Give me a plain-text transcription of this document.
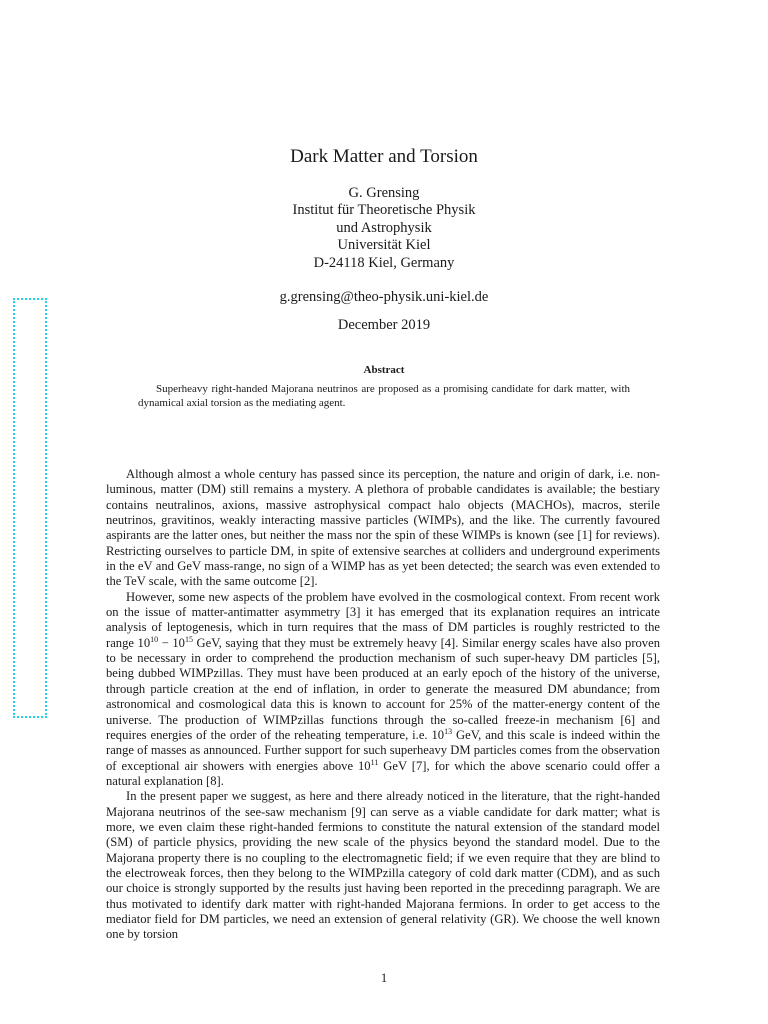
Dark Matter and Torsion
G. Grensing
Institut für Theoretische Physik
und Astrophysik
Universität Kiel
D-24118 Kiel, Germany
g.grensing@theo-physik.uni-kiel.de
December 2019
Abstract
Superheavy right-handed Majorana neutrinos are proposed as a promising candidate for dark matter, with dynamical axial torsion as the mediating agent.

Although almost a whole century has passed since its perception, the nature and origin of dark, i.e. non-luminous, matter (DM) still remains a mystery. A plethora of probable candidates is available; the bestiary contains neutralinos, axions, massive astrophysical compact halo objects (MACHOs), macros, sterile neutrinos, gravitinos, weakly interacting massive particles (WIMPs), and the like. The currently favoured aspirants are the latter ones, but neither the mass nor the spin of these WIMPs is known (see [1] for reviews). Restricting ourselves to particle DM, in spite of extensive searches at colliders and underground experiments in the eV and GeV mass-range, no sign of a WIMP has as yet been detected; the search was even extended to the TeV scale, with the same outcome [2].

However, some new aspects of the problem have evolved in the cosmological context. From recent work on the issue of matter-antimatter asymmetry [3] it has emerged that its explanation requires an intricate analysis of leptogenesis, which in turn requires that the mass of DM particles is roughly restricted to the range $10^{10} - 10^{15}$ GeV, saying that they must be extremely heavy [4]. Similar energy scales have also proven to be necessary in order to comprehend the production mechanism of such super-heavy DM particles [5], being dubbed WIMPzillas. They must have been produced at an early epoch of the history of the universe, through particle creation at the end of inflation, in order to generate the measured DM abundance; from astronomical and cosmological data this is known to account for 25% of the matter-energy content of the universe. The production of WIMPzillas functions through the so-called freeze-in mechanism [6] and requires energies of the order of the reheating temperature, i.e. $10^{13}$ GeV, and this scale is indeed within the range of masses as announced. Further support for such superheavy DM particles comes from the observation of exceptional air showers with energies above $10^{11}$ GeV [7], for which the above scenario could offer a natural explanation [8].

In the present paper we suggest, as here and there already noticed in the literature, that the right-handed Majorana neutrinos of the see-saw mechanism [9] can serve as a viable candidate for dark matter; what is more, we even claim these right-handed fermions to constitute the natural extension of the standard model (SM) of particle physics, providing the new scale of the physics beyond the standard model. Due to the Majorana property there is no coupling to the electromagnetic field; if we even require that they are blind to the electroweak forces, then they belong to the WIMPzilla category of cold dark matter (CDM), and as such our choice is strongly supported by the results just having been reported in the precedinng paragraph. We are thus motivated to identify dark matter with right-handed Majorana fermions. In order to get access to the mediator field for DM particles, we need an extension of general relativity (GR). We choose the well known one by torsion

1
